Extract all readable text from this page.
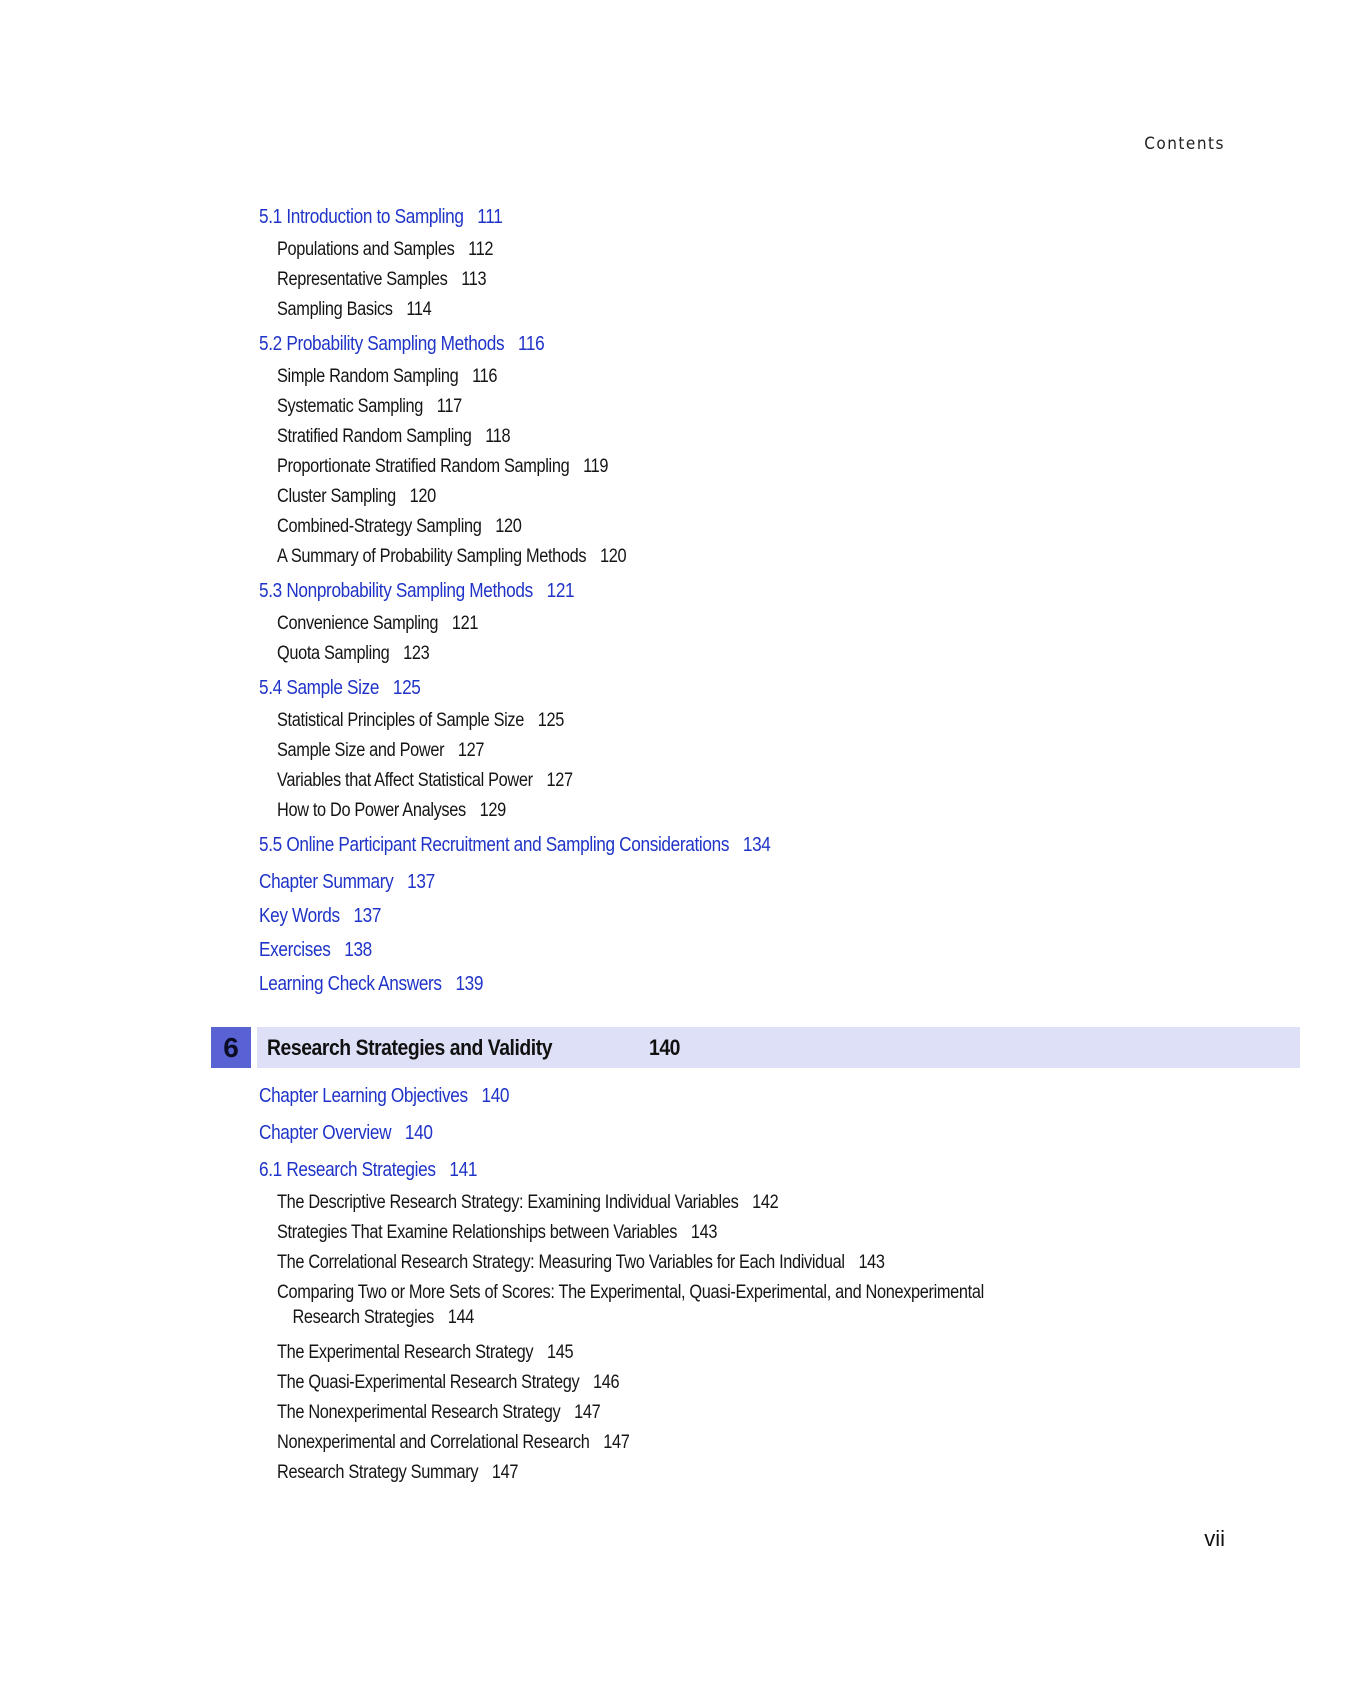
Contents
5.1 Introduction to Sampling 111
Populations and Samples 112
Representative Samples 113
Sampling Basics 114
5.2 Probability Sampling Methods 116
Simple Random Sampling 116
Systematic Sampling 117
Stratified Random Sampling 118
Proportionate Stratified Random Sampling 119
Cluster Sampling 120
Combined-Strategy Sampling 120
A Summary of Probability Sampling Methods 120
5.3 Nonprobability Sampling Methods 121
Convenience Sampling 121
Quota Sampling 123
5.4 Sample Size 125
Statistical Principles of Sample Size 125
Sample Size and Power 127
Variables that Affect Statistical Power 127
How to Do Power Analyses 129
5.5 Online Participant Recruitment and Sampling Considerations 134
Chapter Summary 137
Key Words 137
Exercises 138
Learning Check Answers 139
6	Research Strategies and Validity	140
Chapter Learning Objectives 140
Chapter Overview 140
6.1 Research Strategies 141
The Descriptive Research Strategy: Examining Individual Variables 142
Strategies That Examine Relationships between Variables 143
The Correlational Research Strategy: Measuring Two Variables for Each Individual 143
Comparing Two or More Sets of Scores: The Experimental, Quasi-Experimental, and Nonexperimental
Research Strategies 144
The Experimental Research Strategy 145
The Quasi-Experimental Research Strategy 146
The Nonexperimental Research Strategy 147
Nonexperimental and Correlational Research 147
Research Strategy Summary 147
vii
